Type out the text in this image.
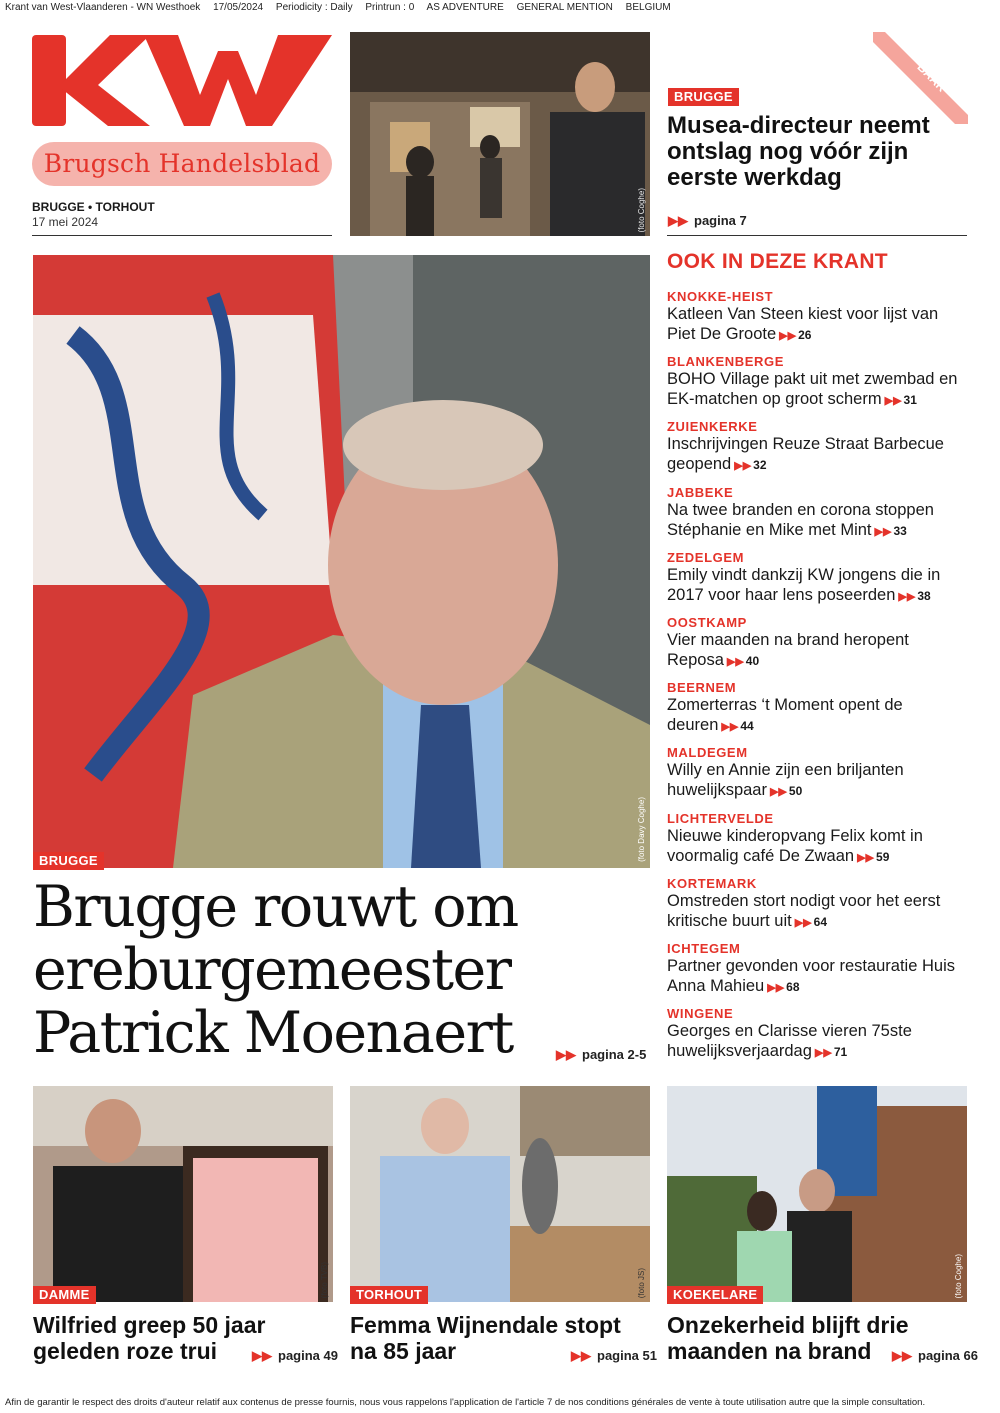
Krant van West-Vlaanderen - WN Westhoek 17/05/2024 Periodicity : Daily Printrun : 0 AS ADVENTURE GENERAL MENTION BELGIUM
Brugsch Handelsblad
BRUGGE • TORHOUT
17 mei 2024	(foto Coghe)
UITNEEM-BAAR
BRUGGE
Musea-directeur neemt ontslag nog vóór zijn eerste werkdag
▶▶ pagina 7
OOK IN DEZE KRANT
KNOKKE-HEIST
Katleen Van Steen kiest voor lijst van Piet De Groote ▶▶ 26
BLANKENBERGE
BOHO Village pakt uit met zwembad en EK-matchen op groot scherm ▶▶ 31
ZUIENKERKE
Inschrijvingen Reuze Straat Barbecue geopend ▶▶ 32
JABBEKE
Na twee branden en corona stoppen Stéphanie en Mike met Mint ▶▶ 33
ZEDELGEM
Emily vindt dankzij KW jongens die in 2017 voor haar lens poseerden ▶▶ 38
OOSTKAMP
Vier maanden na brand heropent Reposa ▶▶ 40
BEERNEM
Zomerterras ‘t Moment opent de deuren ▶▶ 44
MALDEGEM
Willy en Annie zijn een briljanten huwelijkspaar ▶▶ 50
LICHTERVELDE
Nieuwe kinderopvang Felix komt in voormalig café De Zwaan ▶▶ 59
KORTEMARK
Omstreden stort nodigt voor het eerst kritische buurt uit ▶▶ 64
ICHTEGEM
Partner gevonden voor restauratie Huis Anna Mahieu ▶▶ 68
WINGENE
Georges en Clarisse vieren 75ste huwelijksverjaardag ▶▶ 71
(foto Davy Coghe)
BRUGGE
Brugge rouwt om ereburgemeester Patrick Moenaert	▶▶ pagina 2-5
(foto TVB)
DAMME
Wilfried greep 50 jaar geleden roze trui	▶▶ pagina 49
(foto JS)
TORHOUT
Femma Wijnendale stopt na 85 jaar	▶▶ pagina 51
(foto Coghe)
KOEKELARE
Onzekerheid blijft drie maanden na brand	▶▶ pagina 66
Afin de garantir le respect des droits d'auteur relatif aux contenus de presse fournis, nous vous rappelons l'application de l'article 7 de nos conditions générales de vente à toute utilisation autre que la simple consultation.
